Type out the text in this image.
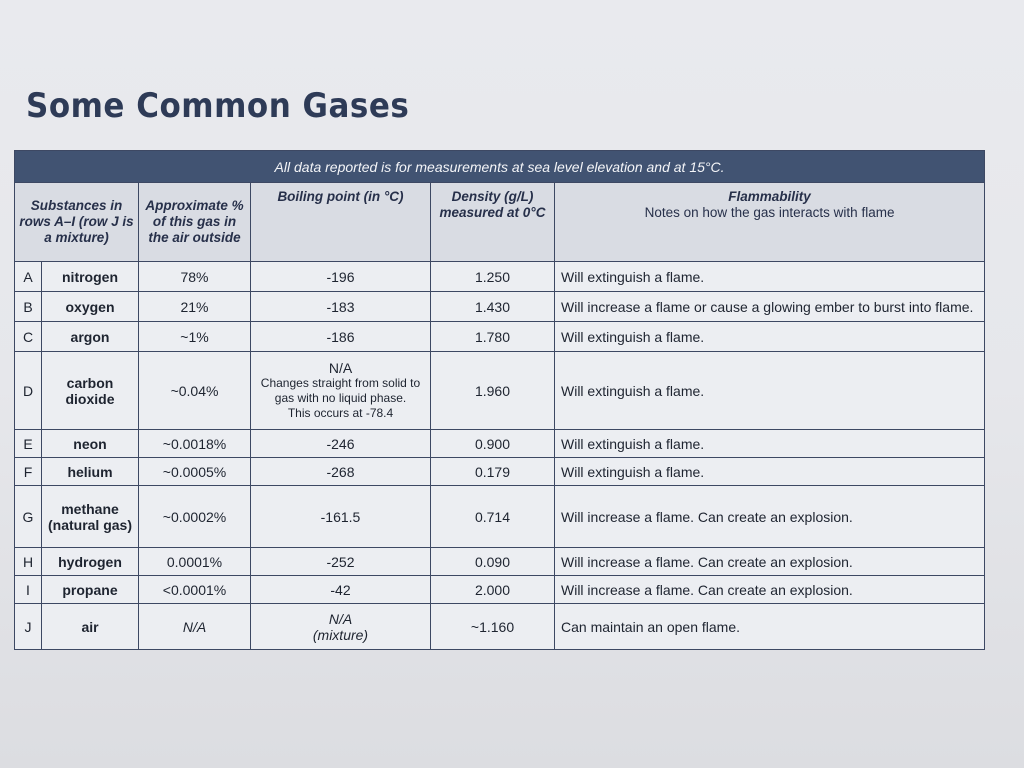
Some Common Gases
All data reported is for measurements at sea level elevation and at 15°C.					
Substances in rows A–I (row J is a mixture)		Approximate % of this gas in the air outside	Boiling point (in °C)	Density (g/L) measured at 0°C	Flammability
Notes on how the gas interacts with flame

A	nitrogen	78%	-196	1.250	Will extinguish a flame.
B	oxygen	21%	-183	1.430	Will increase a flame or cause a glowing ember to burst into flame.
C	argon	~1%	-186	1.780	Will extinguish a flame.
D	carbon dioxide	~0.04%	N/A
Changes straight from solid to
gas with no liquid phase.
This occurs at -78.4	1.960	Will extinguish a flame.
E	neon	~0.0018%	-246	0.900	Will extinguish a flame.
F	helium	~0.0005%	-268	0.179	Will extinguish a flame.
G	methane (natural gas)	~0.0002%	-161.5	0.714	Will increase a flame. Can create an explosion.
H	hydrogen	0.0001%	-252	0.090	Will increase a flame. Can create an explosion.
I	propane	<0.0001%	-42	2.000	Will increase a flame. Can create an explosion.
J	air	N/A	N/A
(mixture)	~1.160	Can maintain an open flame.
